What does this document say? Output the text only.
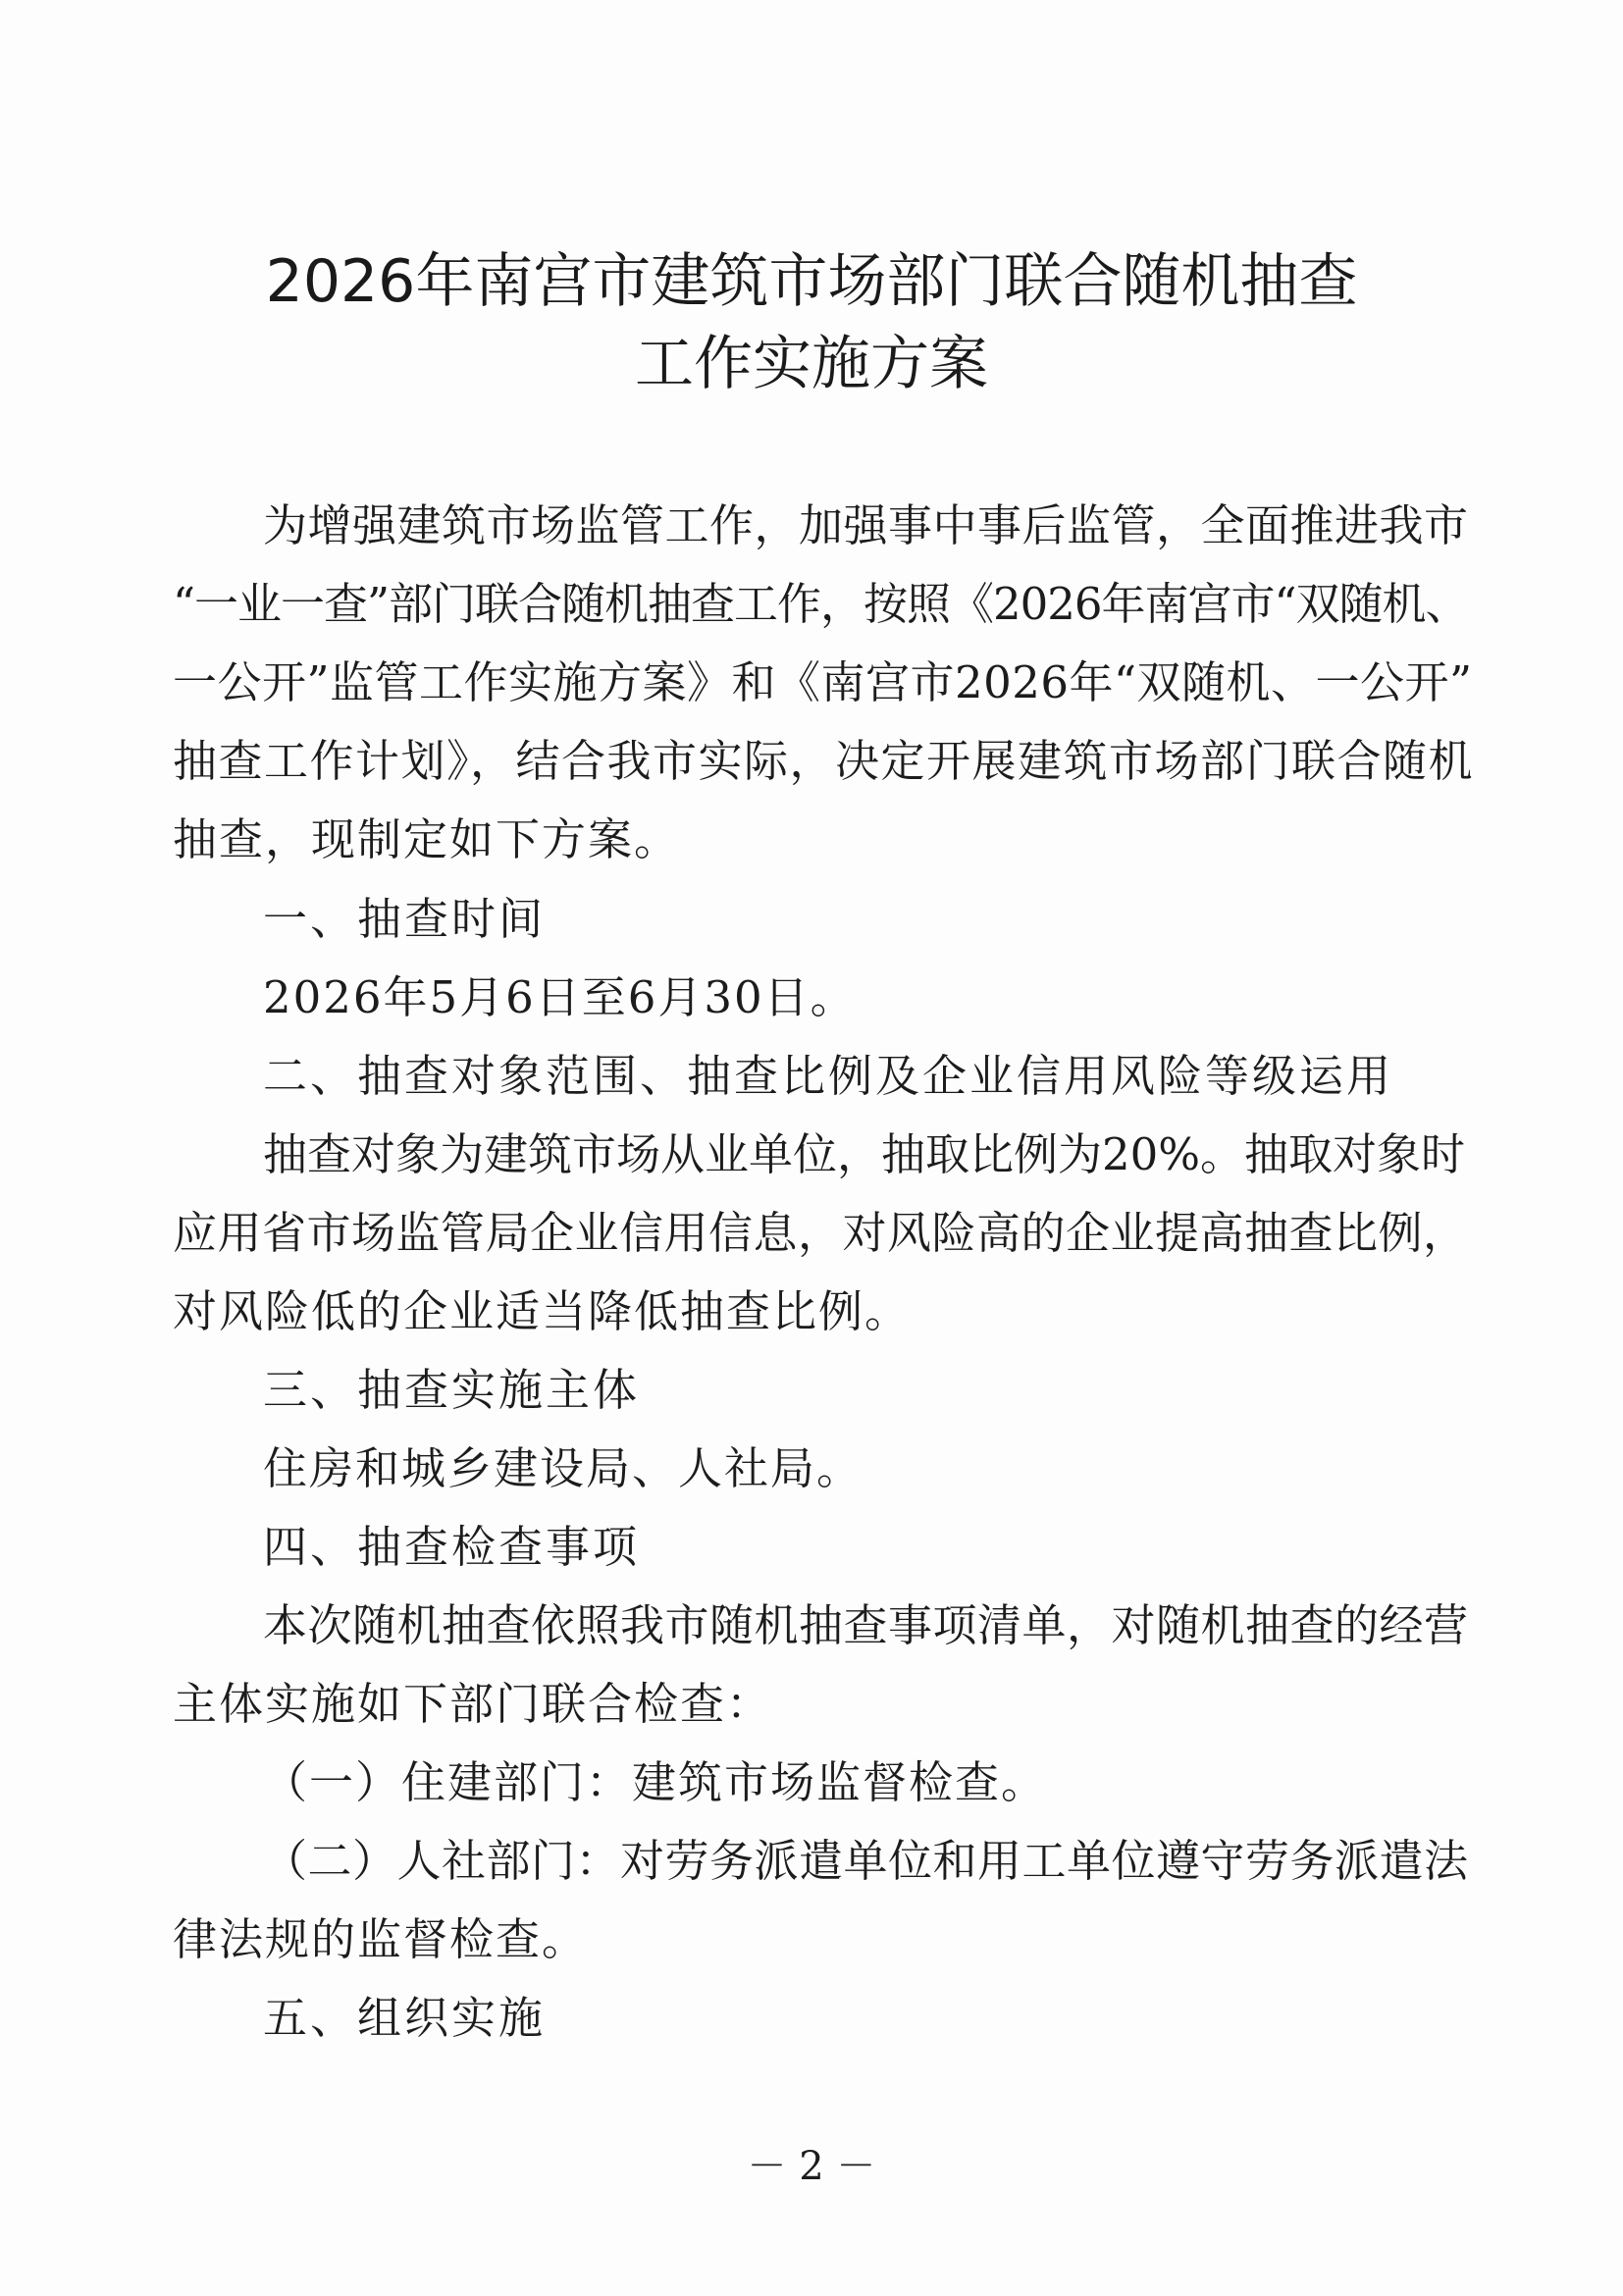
2026年南宫市建筑市场部门联合随机抽查
工作实施方案
为增强建筑市场监管工作，加强事中事后监管，全面推进我市
“一业一查”部门联合随机抽查工作，按照《2026年南宫市“双随机、
一公开”监管工作实施方案》和《南宫市2026年“双随机、一公开”
抽查工作计划》，结合我市实际，决定开展建筑市场部门联合随机
抽查，现制定如下方案。
一、抽查时间
2026年5月6日至6月30日。
二、抽查对象范围、抽查比例及企业信用风险等级运用
抽查对象为建筑市场从业单位，抽取比例为20%。抽取对象时
应用省市场监管局企业信用信息，对风险高的企业提高抽查比例，
对风险低的企业适当降低抽查比例。
三、抽查实施主体
住房和城乡建设局、人社局。
四、抽查检查事项
本次随机抽查依照我市随机抽查事项清单，对随机抽查的经营
主体实施如下部门联合检查：
（一）住建部门：建筑市场监督检查。
（二）人社部门：对劳务派遣单位和用工单位遵守劳务派遣法
律法规的监督检查。
五、组织实施
－ 2 －
